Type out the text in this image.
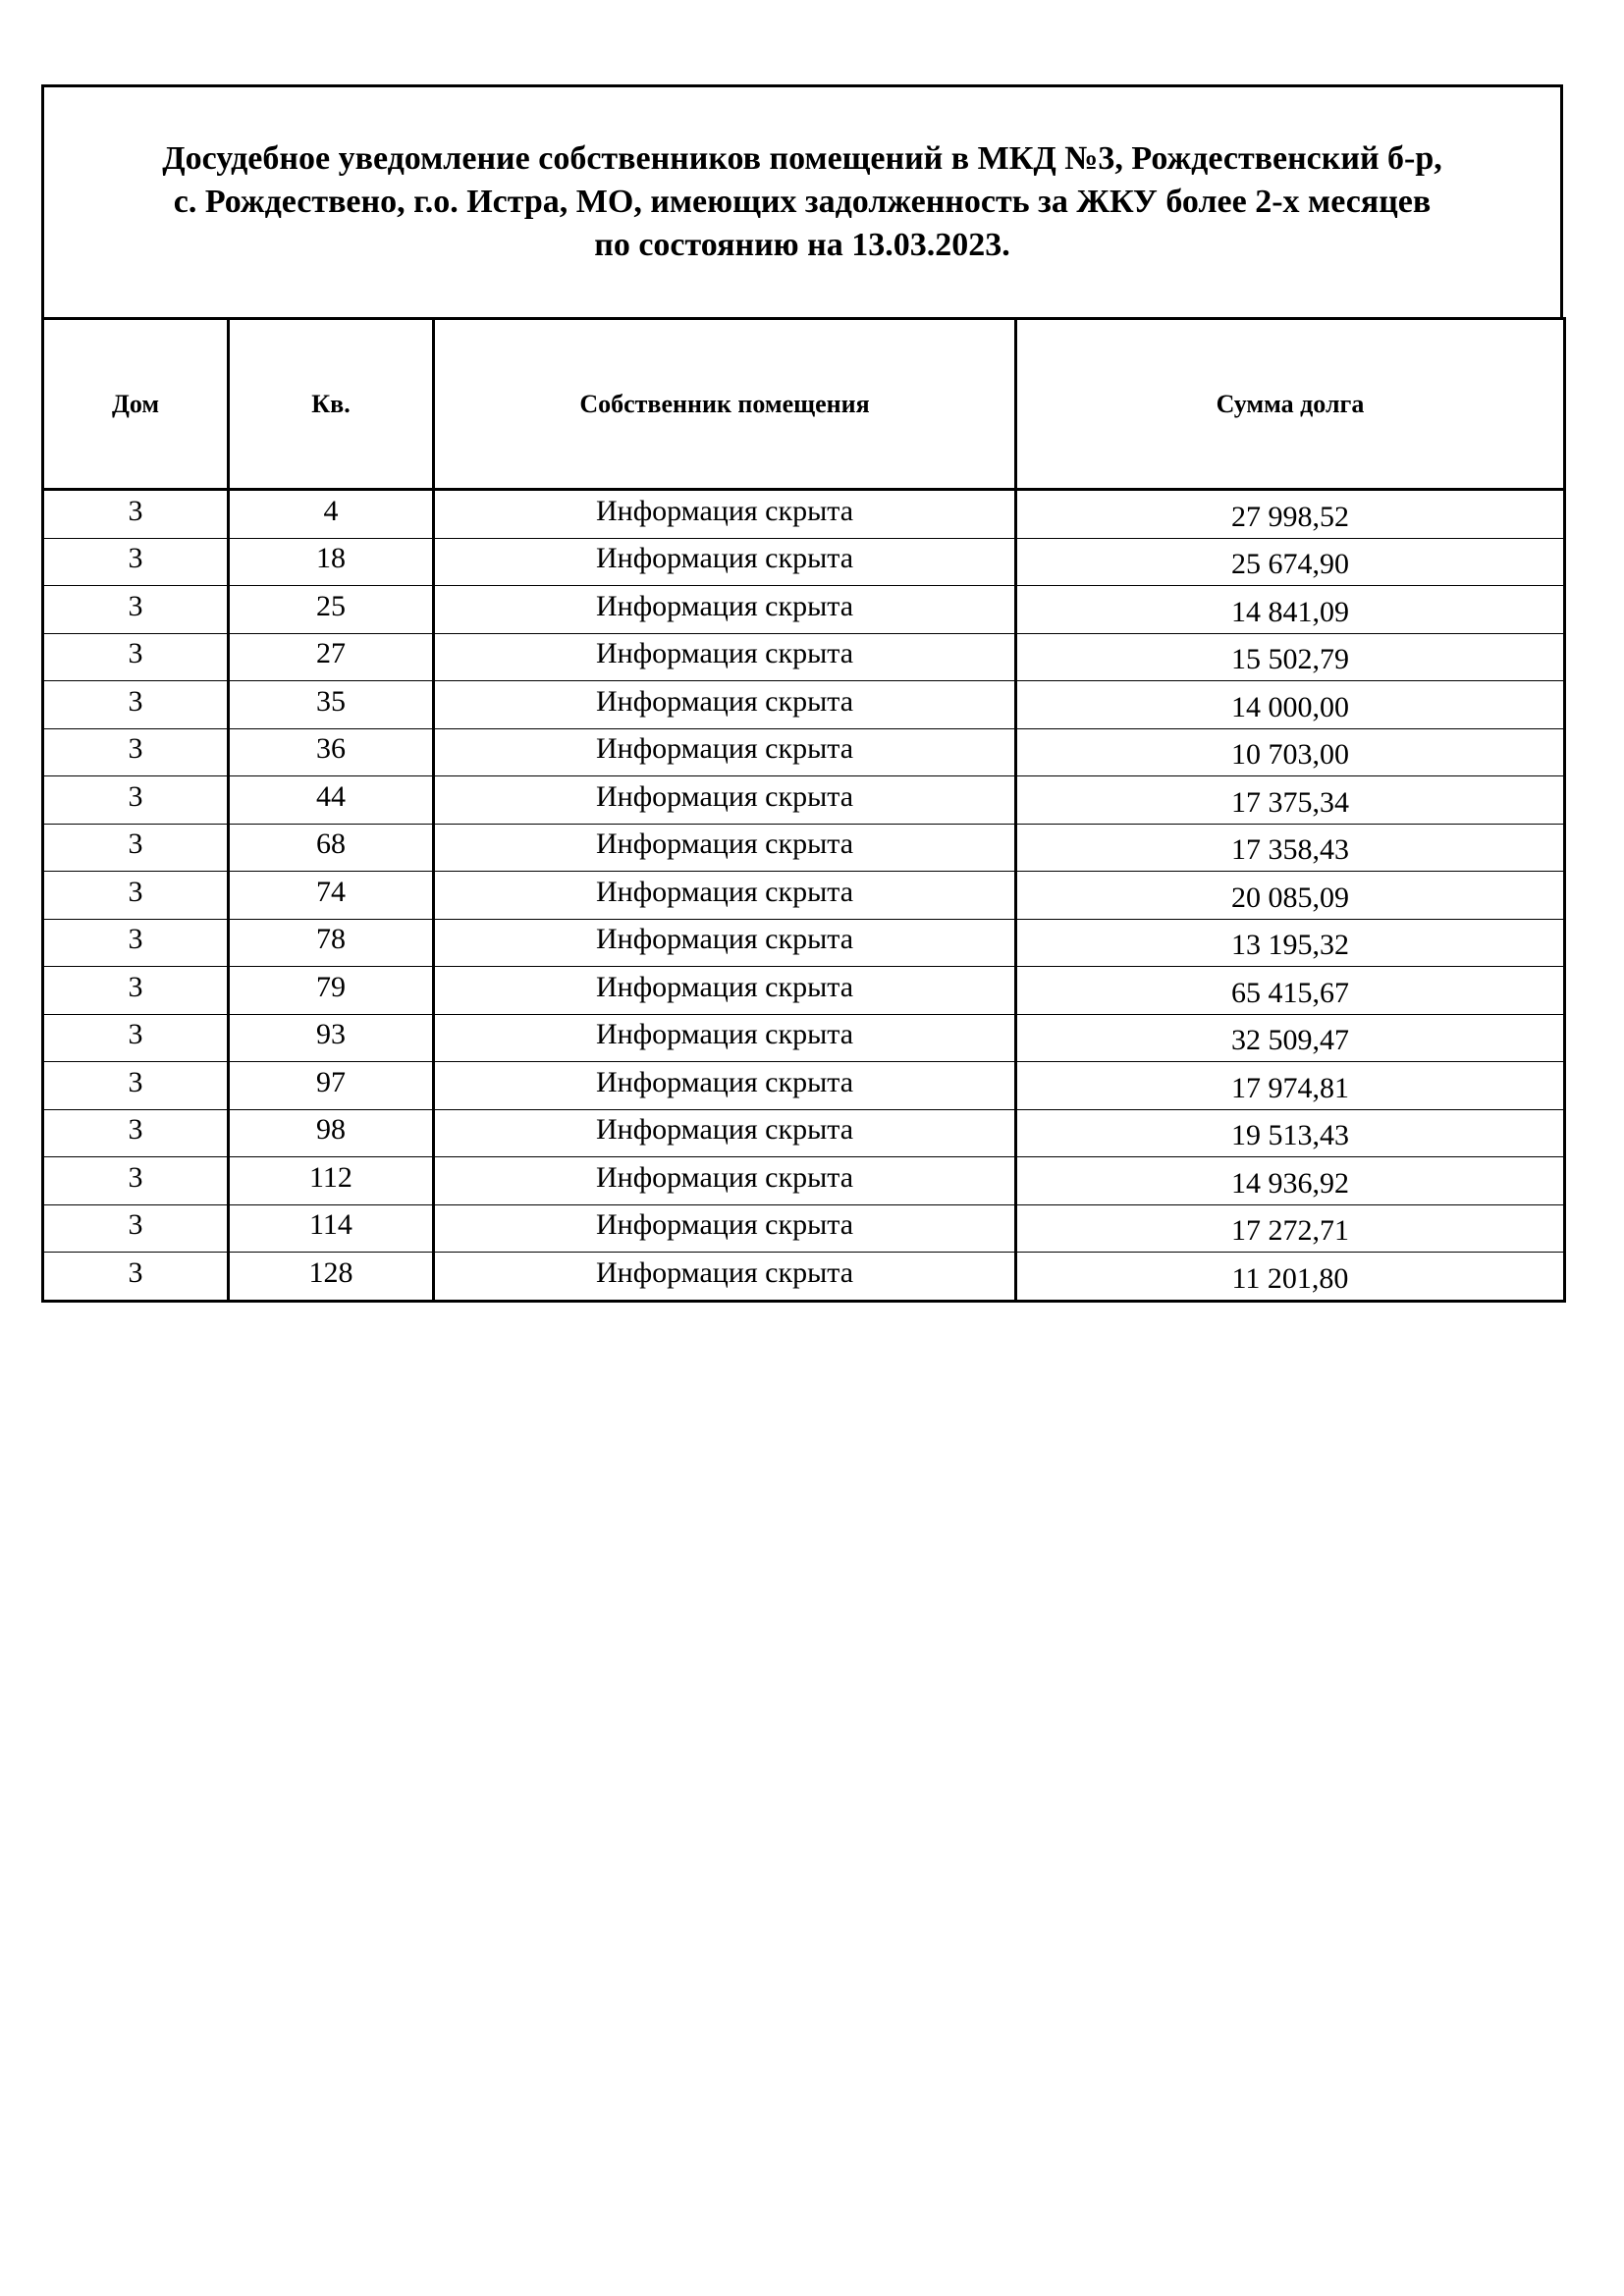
Досудебное уведомление собственников помещений в МКД №3, Рождественский б-р,
с. Рождествено, г.о. Истра, МО, имеющих задолженность за ЖКУ более 2-х месяцев
по состоянию на 13.03.2023.
Дом	Кв.	Собственник помещения	Сумма долга
3	4	Информация скрыта	27 998,52
3	18	Информация скрыта	25 674,90
3	25	Информация скрыта	14 841,09
3	27	Информация скрыта	15 502,79
3	35	Информация скрыта	14 000,00
3	36	Информация скрыта	10 703,00
3	44	Информация скрыта	17 375,34
3	68	Информация скрыта	17 358,43
3	74	Информация скрыта	20 085,09
3	78	Информация скрыта	13 195,32
3	79	Информация скрыта	65 415,67
3	93	Информация скрыта	32 509,47
3	97	Информация скрыта	17 974,81
3	98	Информация скрыта	19 513,43
3	112	Информация скрыта	14 936,92
3	114	Информация скрыта	17 272,71
3	128	Информация скрыта	11 201,80
